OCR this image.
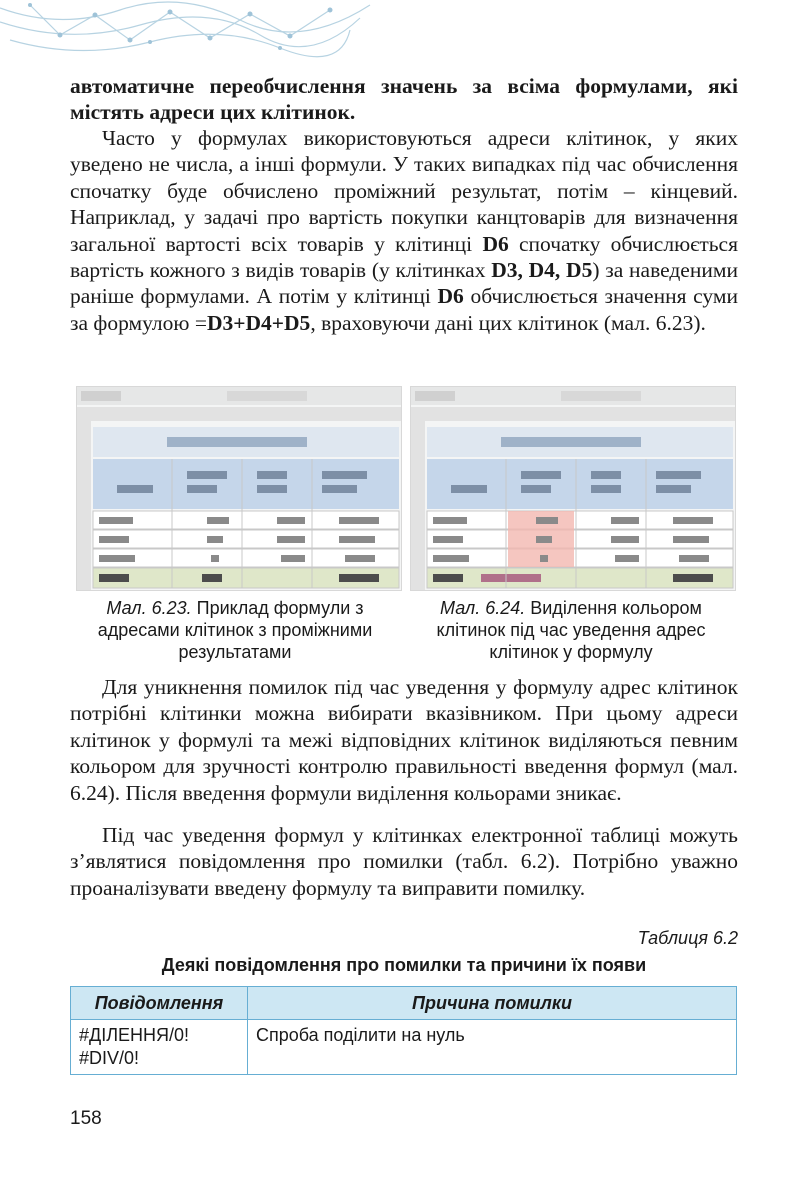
автоматичне переобчислення значень за всіма формулами, які містять адреси цих клітинок.

Часто у формулах використовуються адреси клітинок, у яких уведено не числа, а інші формули. У таких випадках під час обчислення спочатку буде обчислено проміжний результат, потім – кінцевий. Наприклад, у задачі про вартість покупки канцтоварів для визначення загальної вартості всіх товарів у клітинці D6 спочатку обчислюється вартість кожного з видів товарів (у клітинках D3, D4, D5) за наведеними раніше формулами. А потім у клітинці D6 обчислюється значення суми за формулою =D3+D4+D5, враховуючи дані цих клітинок (мал. 6.23).

Мал. 6.23. Приклад формули з адресами клітинок з проміжними результатами
Мал. 6.24. Виділення кольором клітинок під час уведення адрес клітинок у формулу

Для уникнення помилок під час уведення у формулу адрес клітинок потрібні клітинки можна вибирати вказівником. При цьому адреси клітинок у формулі та межі відповідних клітинок виділяються певним кольором для зручності контролю правильності введення формул (мал. 6.24). Після введення формули виділення кольорами зникає.

Під час уведення формул у клітинках електронної таблиці можуть з’являтися повідомлення про помилки (табл. 6.2). Потрібно уважно проаналізувати введену формулу та виправити помилку.

Таблиця 6.2
Деякі повідомлення про помилки та причини їх появи
Повідомлення	Причина помилки
#ДІЛЕННЯ/0!
#DIV/0!	Спроба поділити на нуль
158
